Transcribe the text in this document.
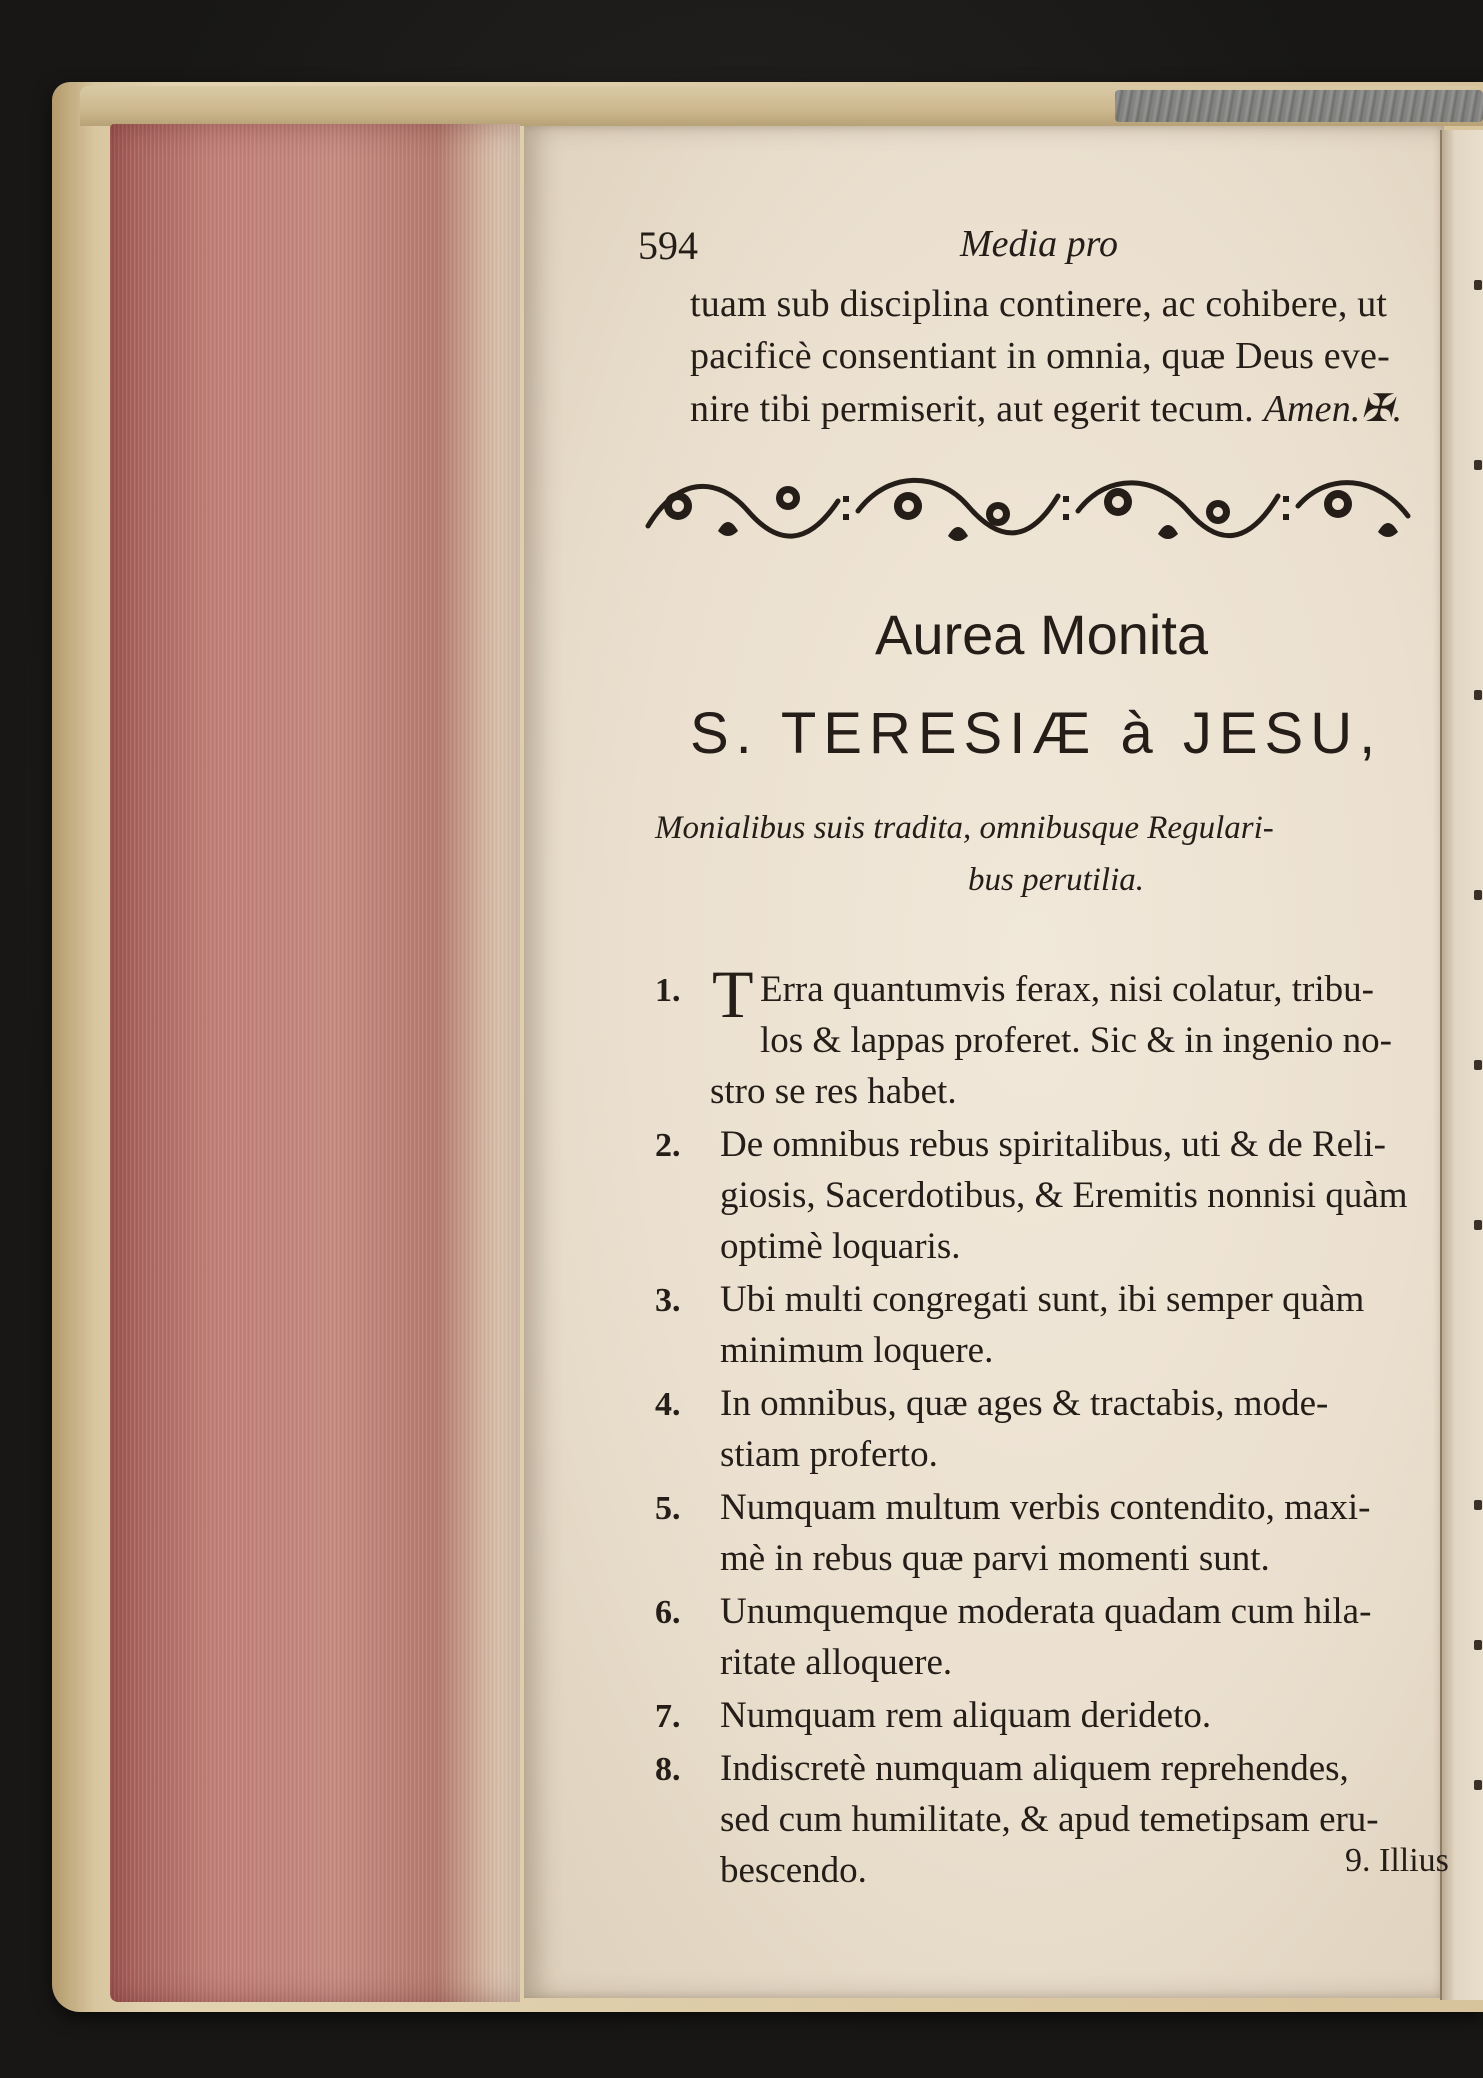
594	Media pro
tuam sub disciplina continere, ac cohibere, ut
pacificè consentiant in omnia, quæ Deus eve-
nire tibi permiserit, aut egerit tecum. Amen.✠.
Aurea Monita
S. TERESIÆ à JESU,
Monialibus suis tradita, omnibusque Regulari-
bus perutilia.
1. Erra quantumvis ferax, nisi colatur, tribu-
los & lappas proferet. Sic & in ingenio no-
stro se res habet.
2. De omnibus rebus spiritalibus, uti & de Reli-
giosis, Sacerdotibus, & Eremitis nonnisi quàm
optimè loquaris.
3. Ubi multi congregati sunt, ibi semper quàm
minimum loquere.
4. In omnibus, quæ ages & tractabis, mode-
stiam proferto.
5. Numquam multum verbis contendito, maxi-
mè in rebus quæ parvi momenti sunt.
6. Unumquemque moderata quadam cum hila-
ritate alloquere.
7. Numquam rem aliquam derideto.
8. Indiscretè numquam aliquem reprehendes,
sed cum humilitate, & apud temetipsam eru-
bescendo.
T
9. Illius
